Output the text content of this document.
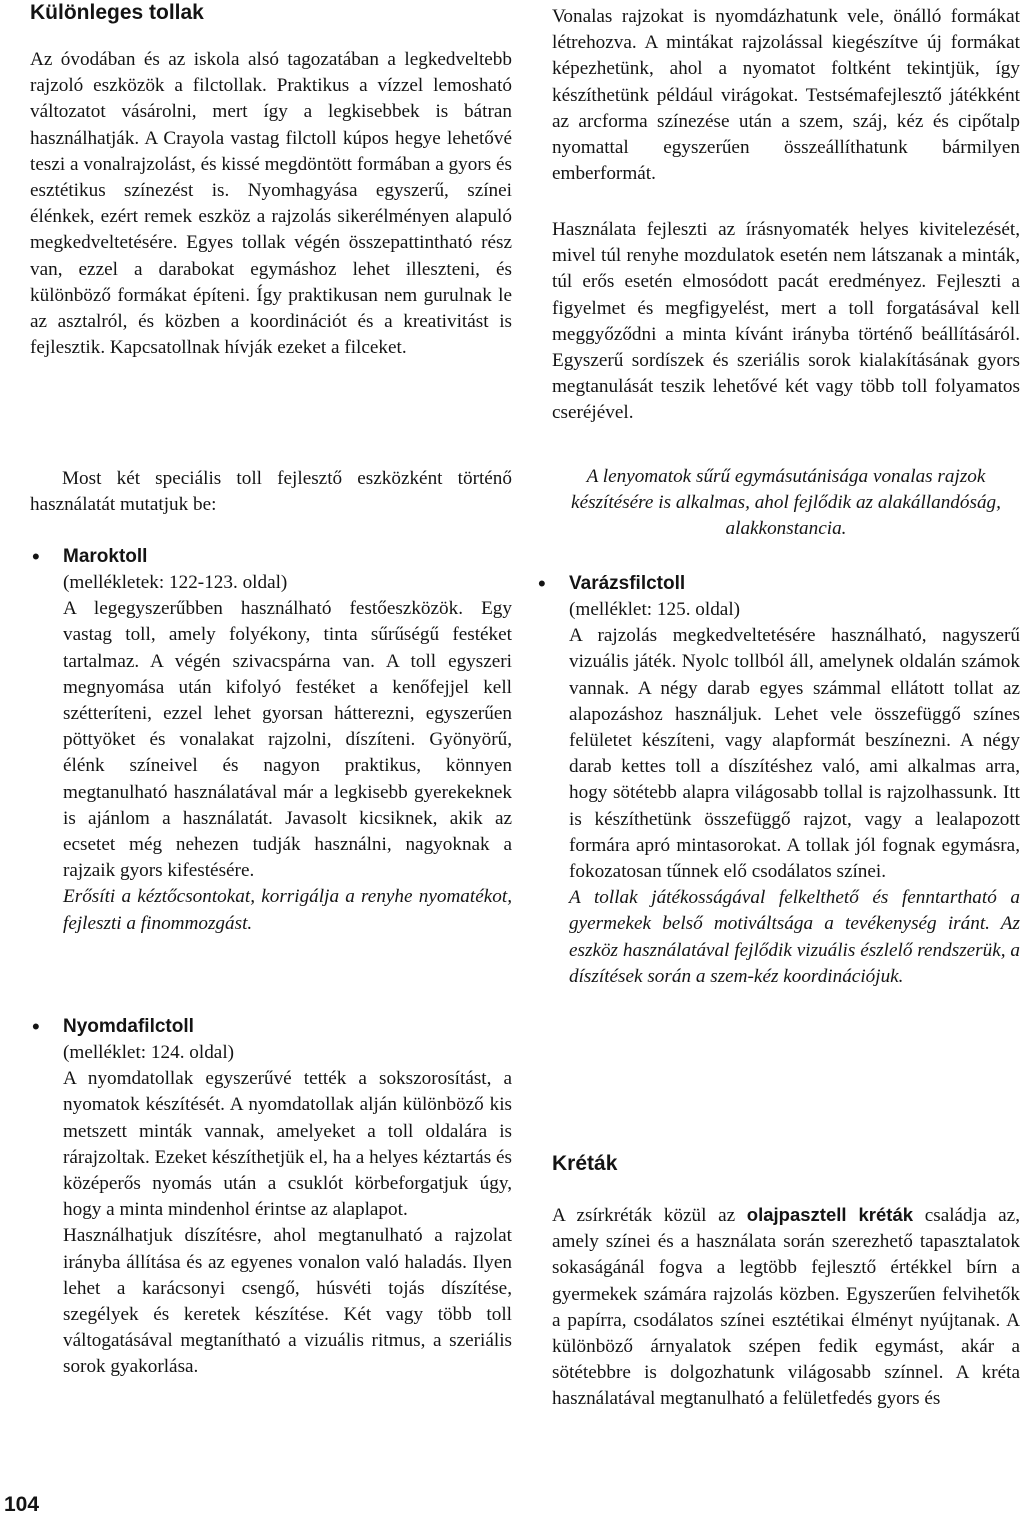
Különleges tollak

Az óvodában és az iskola alsó tagozatában a legkedveltebb rajzoló eszközök a filctollak. Praktikus a vízzel lemosható változatot vásárolni, mert így a legkisebbek is bátran használhatják. A Crayola vastag filctoll kúpos hegye lehetővé teszi a vonalrajzolást, és kissé megdöntött formában a gyors és esztétikus színezést is. Nyomhagyása egyszerű, színei élénkek, ezért remek eszköz a rajzolás sikerélményen alapuló megkedveltetésére. Egyes tollak végén összepattintható rész van, ezzel a darabokat egymáshoz lehet illeszteni, és különböző formákat építeni. Így praktikusan nem gurulnak le az asztalról, és közben a koordinációt és a kreativitást is fejlesztik. Kapcsatollnak hívják ezeket a filceket.

Most két speciális toll fejlesztő eszközként történő használatát mutatjuk be:

• Maroktoll

(mellékletek: 122-123. oldal)

A legegyszerűbben használható festőeszközök. Egy vastag toll, amely folyékony, tinta sűrűségű festéket tartalmaz. A végén szivacspárna van. A toll egyszeri megnyomása után kifolyó festéket a kenőfejjel kell szétteríteni, ezzel lehet gyorsan hátterezni, egyszerűen pöttyöket és vonalakat rajzolni, díszíteni. Gyönyörű, élénk színeivel és nagyon praktikus, könnyen megtanulható használatával már a legkisebb gyerekeknek is ajánlom a használatát. Javasolt kicsiknek, akik az ecsetet még nehezen tudják használni, nagyoknak a rajzaik gyors kifestésére.

Erősíti a kéztőcsontokat, korrigálja a renyhe nyomatékot, fejleszti a finommozgást.

• Nyomdafilctoll

(melléklet: 124. oldal)

A nyomdatollak egyszerűvé tették a sokszorosítást, a nyomatok készítését. A nyomdatollak alján különböző kis metszett minták vannak, amelyeket a toll oldalára is rárajzoltak. Ezeket készíthetjük el, ha a helyes kéztartás és középerős nyomás után a csuklót körbeforgatjuk úgy, hogy a minta mindenhol érintse az alaplapot.

Használhatjuk díszítésre, ahol megtanulható a rajzolat irányba állítása és az egyenes vonalon való haladás. Ilyen lehet a karácsonyi csengő, húsvéti tojás díszítése, szegélyek és keretek készítése. Két vagy több toll váltogatásával megtanítható a vizuális ritmus, a szeriális sorok gyakorlása.

Vonalas rajzokat is nyomdázhatunk vele, önálló formákat létrehozva. A mintákat rajzolással kiegészítve új formákat képezhetünk, ahol a nyomatot foltként tekintjük, így készíthetünk például virágokat. Testsémafejlesztő játékként az arcforma színezése után a szem, száj, kéz és cipőtalp nyomattal egyszerűen összeállíthatunk bármilyen emberformát.

Használata fejleszti az írásnyomaték helyes kivitelezését, mivel túl renyhe mozdulatok esetén nem látszanak a minták, túl erős esetén elmosódott pacát eredményez. Fejleszti a figyelmet és megfigyelést, mert a toll forgatásával kell meggyőződni a minta kívánt irányba történő beállításáról. Egyszerű sordíszek és szeriális sorok kialakításának gyors megtanulását teszik lehetővé két vagy több toll folyamatos cseréjével.

A lenyomatok sűrű egymásutánisága vonalas rajzok készítésére is alkalmas, ahol fejlődik az alakállandóság, alakkonstancia.

• Varázsfilctoll

(melléklet: 125. oldal)

A rajzolás megkedveltetésére használható, nagyszerű vizuális játék. Nyolc tollból áll, amelynek oldalán számok vannak. A négy darab egyes számmal ellátott tollat az alapozáshoz használjuk. Lehet vele összefüggő színes felületet készíteni, vagy alapformát beszínezni. A négy darab kettes toll a díszítéshez való, ami alkalmas arra, hogy sötétebb alapra világosabb tollal is rajzolhassunk. Itt is készíthetünk összefüggő rajzot, vagy a lealapozott formára apró mintasorokat. A tollak jól fognak egymásra, fokozatosan tűnnek elő csodálatos színei.

A tollak játékosságával felkelthető és fenntartható a gyermekek belső motiváltsága a tevékenység iránt. Az eszköz használatával fejlődik vizuális észlelő rendszerük, a díszítések során a szem-kéz koordinációjuk.

Kréták

A zsírkréták közül az olajpasztell kréták családja az, amely színei és a használata során szerezhető tapasztalatok sokaságánál fogva a legtöbb fejlesztő értékkel bírn a gyermekek számára rajzolás közben. Egyszerűen felvihetők a papírra, csodálatos színei esztétikai élményt nyújtanak. A különböző árnyalatok szépen fedik egymást, akár a sötétebbre is dolgozhatunk világosabb színnel. A kréta használatával megtanulható a felületfedés gyors és

104
